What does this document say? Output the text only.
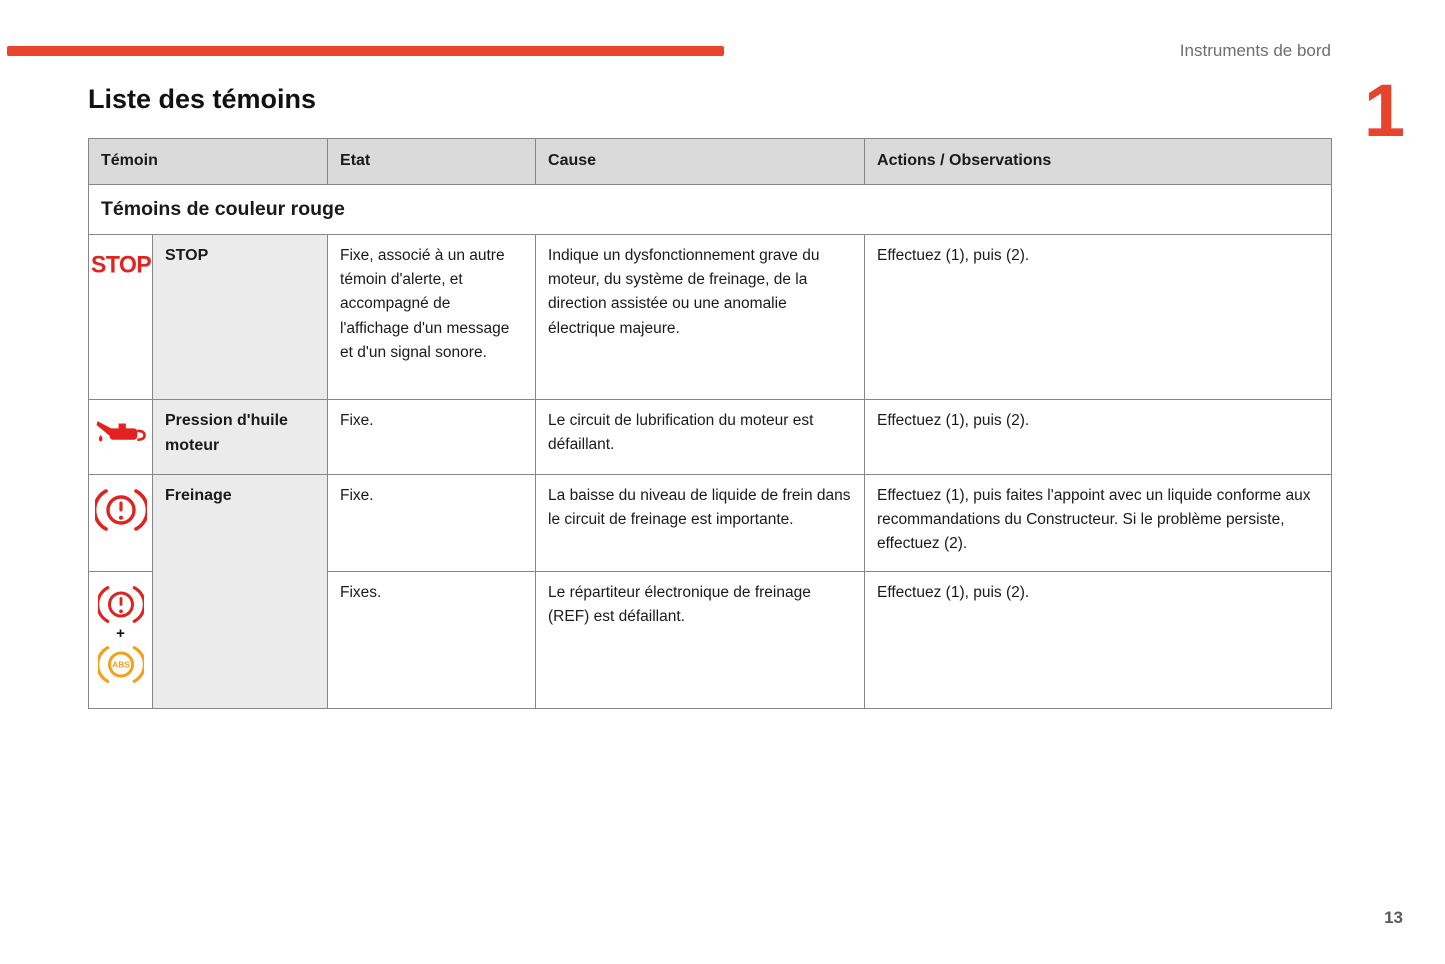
Instruments de bord
1
Liste des témoins
Témoin		Etat	Cause	Actions / Observations
Témoins de couleur rouge				
STOP	STOP	Fixe, associé à un autre témoin d'alerte, et accompagné de l'affichage d'un message et d'un signal sonore.	Indique un dysfonctionnement grave du moteur, du système de freinage, de la direction assistée ou une anomalie électrique majeure.	Effectuez (1), puis (2).
	Pression d'huile moteur	Fixe.	Le circuit de lubrification du moteur est défaillant.	Effectuez (1), puis (2).
	Freinage	Fixe.	La baisse du niveau de liquide de frein dans le circuit de freinage est importante.	Effectuez (1), puis faites l'appoint avec un liquide conforme aux recommandations du Constructeur. Si le problème persiste, effectuez (2).

+
ABS		Fixes.	Le répartiteur électronique de freinage (REF) est défaillant.	Effectuez (1), puis (2).
13
